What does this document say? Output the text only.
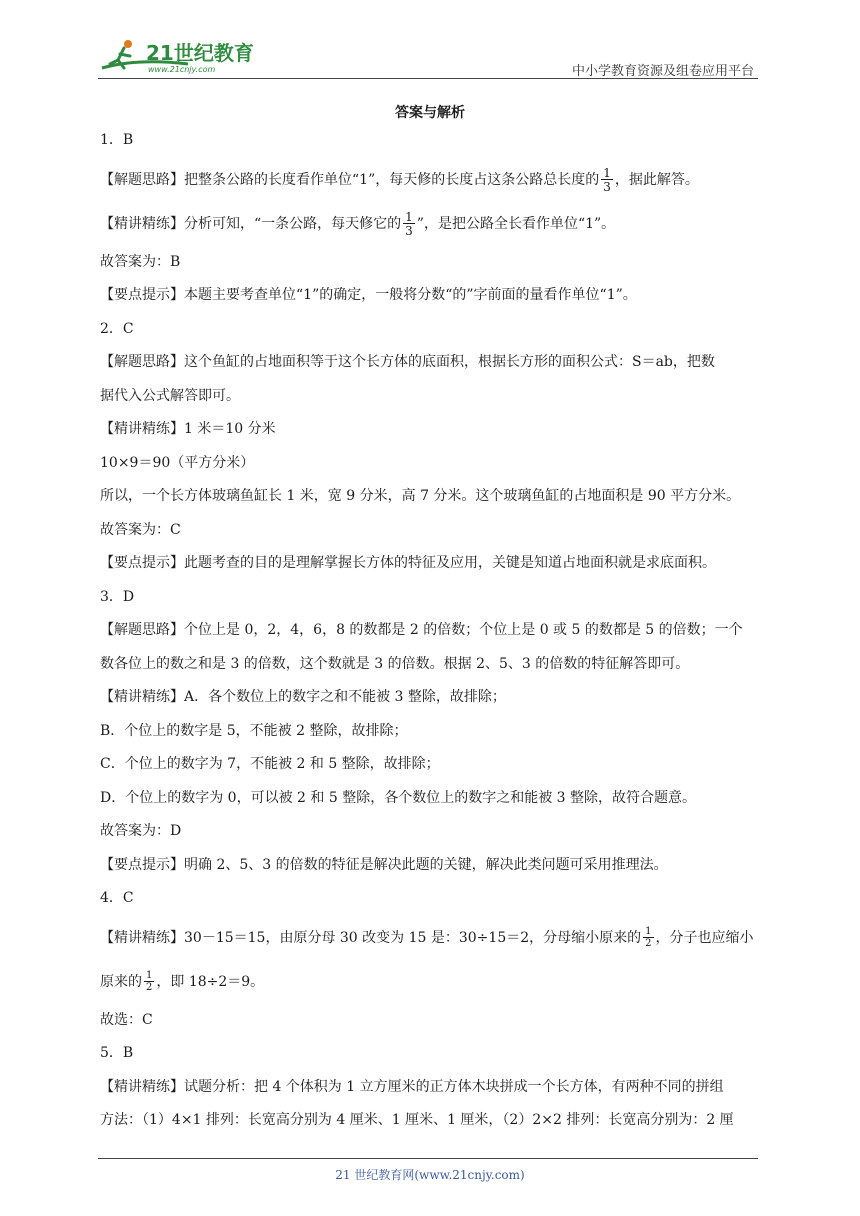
21世纪教育
www.21cnjy.com	中小学教育资源及组卷应用平台
答案与解析
1．B
【解题思路】把整条公路的长度看作单位“1”，每天修的长度占这条公路总长度的 $\frac{1}{3}$ ，据此解答。
【精讲精练】分析可知，“一条公路，每天修它的 $\frac{1}{3}$ ”，是把公路全长看作单位“1”。
故答案为：B
【要点提示】本题主要考查单位“1”的确定，一般将分数“的”字前面的量看作单位“1”。
2．C
【解题思路】这个鱼缸的占地面积等于这个长方体的底面积，根据长方形的面积公式：S＝ab，把数
据代入公式解答即可。
【精讲精练】1 米＝10 分米
10×9＝90（平方分米）
所以，一个长方体玻璃鱼缸长 1 米，宽 9 分米，高 7 分米。这个玻璃鱼缸的占地面积是 90 平方分米。
故答案为：C
【要点提示】此题考查的目的是理解掌握长方体的特征及应用，关键是知道占地面积就是求底面积。
3．D
【解题思路】个位上是 0，2，4，6，8 的数都是 2 的倍数；个位上是 0 或 5 的数都是 5 的倍数；一个
数各位上的数之和是 3 的倍数，这个数就是 3 的倍数。根据 2、5、3 的倍数的特征解答即可。
【精讲精练】A．各个数位上的数字之和不能被 3 整除，故排除；
B．个位上的数字是 5，不能被 2 整除，故排除；
C．个位上的数字为 7，不能被 2 和 5 整除，故排除；
D．个位上的数字为 0，可以被 2 和 5 整除，各个数位上的数字之和能被 3 整除，故符合题意。
故答案为：D
【要点提示】明确 2、5、3 的倍数的特征是解决此题的关键，解决此类问题可采用推理法。
4．C
【精讲精练】30－15＝15，由原分母 30 改变为 15 是：30÷15＝2，分母缩小原来的 $\frac{1}{2}$ ，分子也应缩小
原来的 $\frac{1}{2}$ ，即 18÷2＝9。
故选：C
5．B
【精讲精练】试题分析：把 4 个体积为 1 立方厘米的正方体木块拼成一个长方体，有两种不同的拼组
方法：（1）4×1 排列：长宽高分别为 4 厘米、1 厘米、1 厘米，（2）2×2 排列：长宽高分别为：2 厘
21 世纪教育网(www.21cnjy.com)
